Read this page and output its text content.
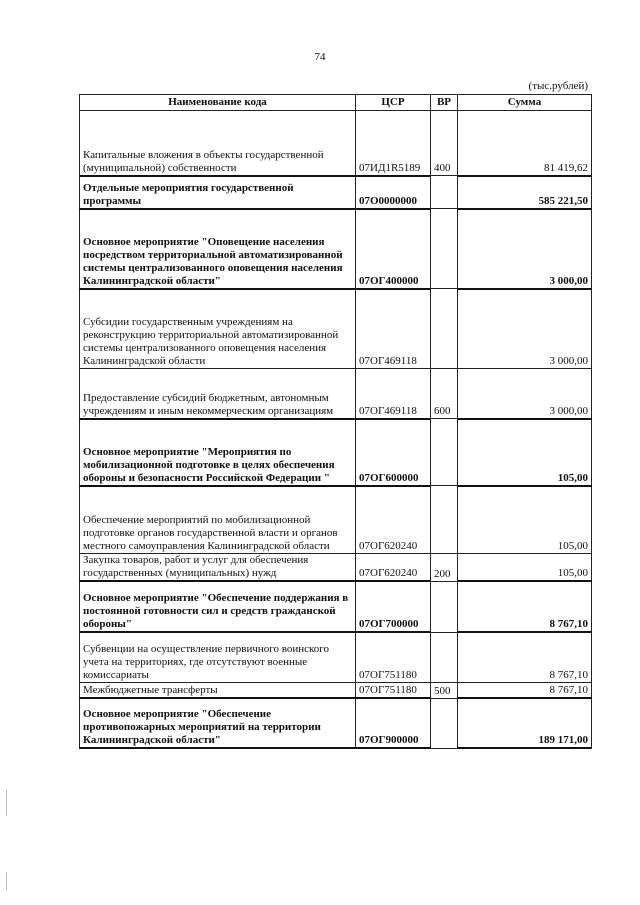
74
(тыс.рублей)
Наименование кода	ЦСР	ВР	Сумма
Капитальные вложения в объекты государственной (муниципальной) собственности	07ИД1R5189	400	81 419,62
Отдельные мероприятия государственной программы	07О0000000		585 221,50
Основное мероприятие "Оповещение населения посредством территориальной автоматизированной системы централизованного оповещения населения Калининградской области"	07ОГ400000		3 000,00
Субсидии государственным учреждениям на реконструкцию территориальной автоматизированной системы централизованного оповещения населения Калининградской области	07ОГ469118		3 000,00
Предоставление субсидий бюджетным, автономным учреждениям и иным некоммерческим организациям	07ОГ469118	600	3 000,00
Основное мероприятие "Мероприятия по мобилизационной подготовке в целях обеспечения обороны и безопасности Российской Федерации "	07ОГ600000		105,00
Обеспечение мероприятий по мобилизационной подготовке органов государственной власти и органов местного самоуправления Калининградской области	07ОГ620240		105,00
Закупка товаров, работ и услуг для обеспечения государственных (муниципальных) нужд	07ОГ620240	200	105,00
Основное мероприятие "Обеспечение поддержания в постоянной готовности сил и средств гражданской обороны"	07ОГ700000		8 767,10
Субвенции на осуществление первичного воинского учета на территориях, где отсутствуют военные комиссариаты	07ОГ751180		8 767,10
Межбюджетные трансферты	07ОГ751180	500	8 767,10
Основное мероприятие "Обеспечение противопожарных мероприятий на территории Калининградской области"	07ОГ900000		189 171,00
